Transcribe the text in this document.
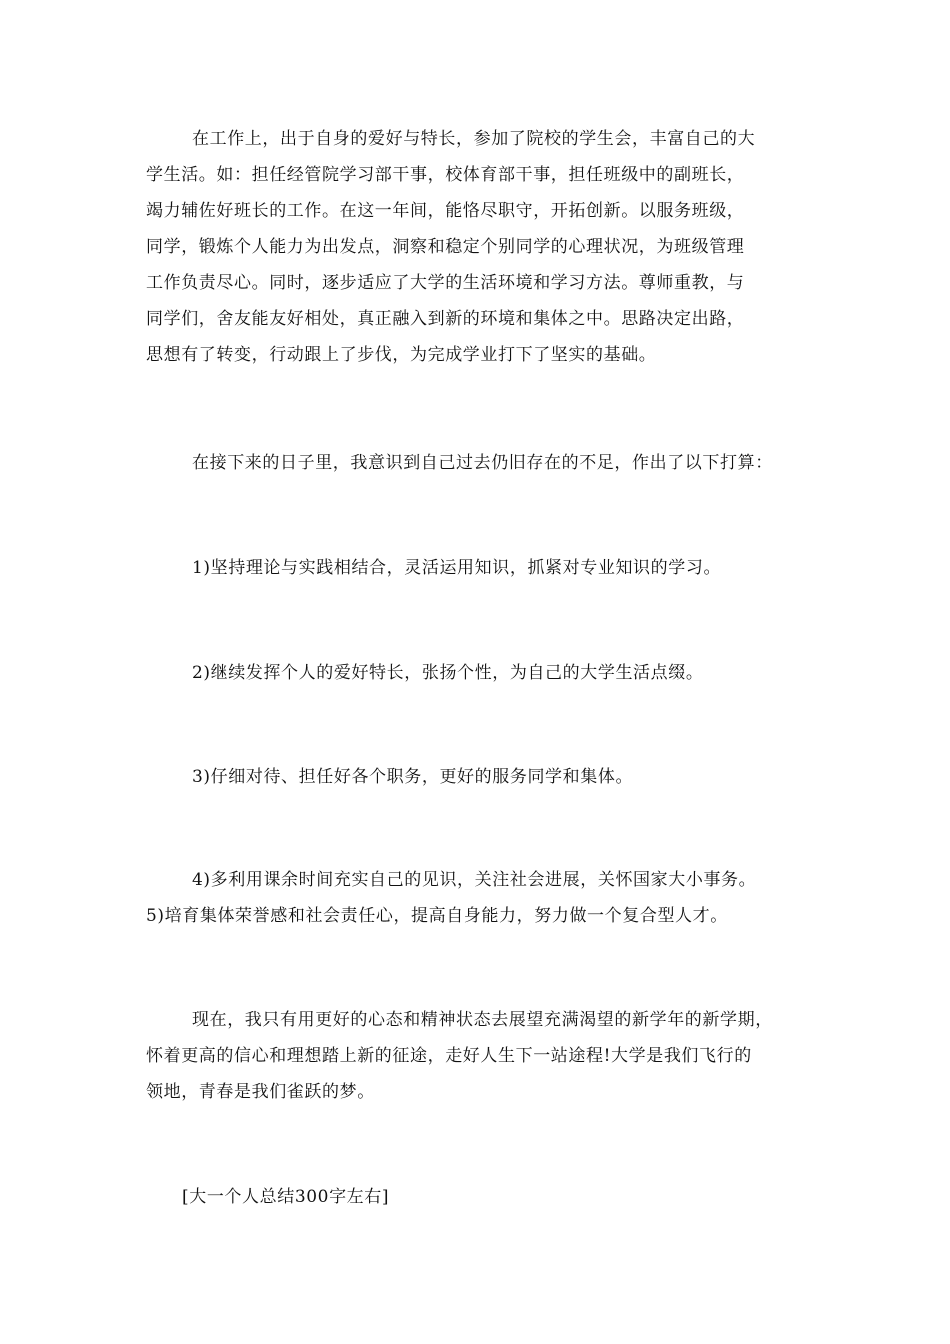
在工作上，出于自身的爱好与特长，参加了院校的学生会，丰富自己的大
学生活。如：担任经管院学习部干事，校体育部干事，担任班级中的副班长，
竭力辅佐好班长的工作。在这一年间，能恪尽职守，开拓创新。以服务班级，
同学，锻炼个人能力为出发点，洞察和稳定个别同学的心理状况，为班级管理
工作负责尽心。同时，逐步适应了大学的生活环境和学习方法。尊师重教，与
同学们，舍友能友好相处，真正融入到新的环境和集体之中。思路决定出路，
思想有了转变，行动跟上了步伐，为完成学业打下了坚实的基础。
在接下来的日子里，我意识到自己过去仍旧存在的不足，作出了以下打算：
1)坚持理论与实践相结合，灵活运用知识，抓紧对专业知识的学习。
2)继续发挥个人的爱好特长，张扬个性，为自己的大学生活点缀。
3)仔细对待、担任好各个职务，更好的服务同学和集体。
4)多利用课余时间充实自己的见识，关注社会进展，关怀国家大小事务。
5)培育集体荣誉感和社会责任心，提高自身能力，努力做一个复合型人才。
现在，我只有用更好的心态和精神状态去展望充满渴望的新学年的新学期，
怀着更高的信心和理想踏上新的征途，走好人生下一站途程!大学是我们飞行的
领地，青春是我们雀跃的梦。
[大一个人总结300字左右]
